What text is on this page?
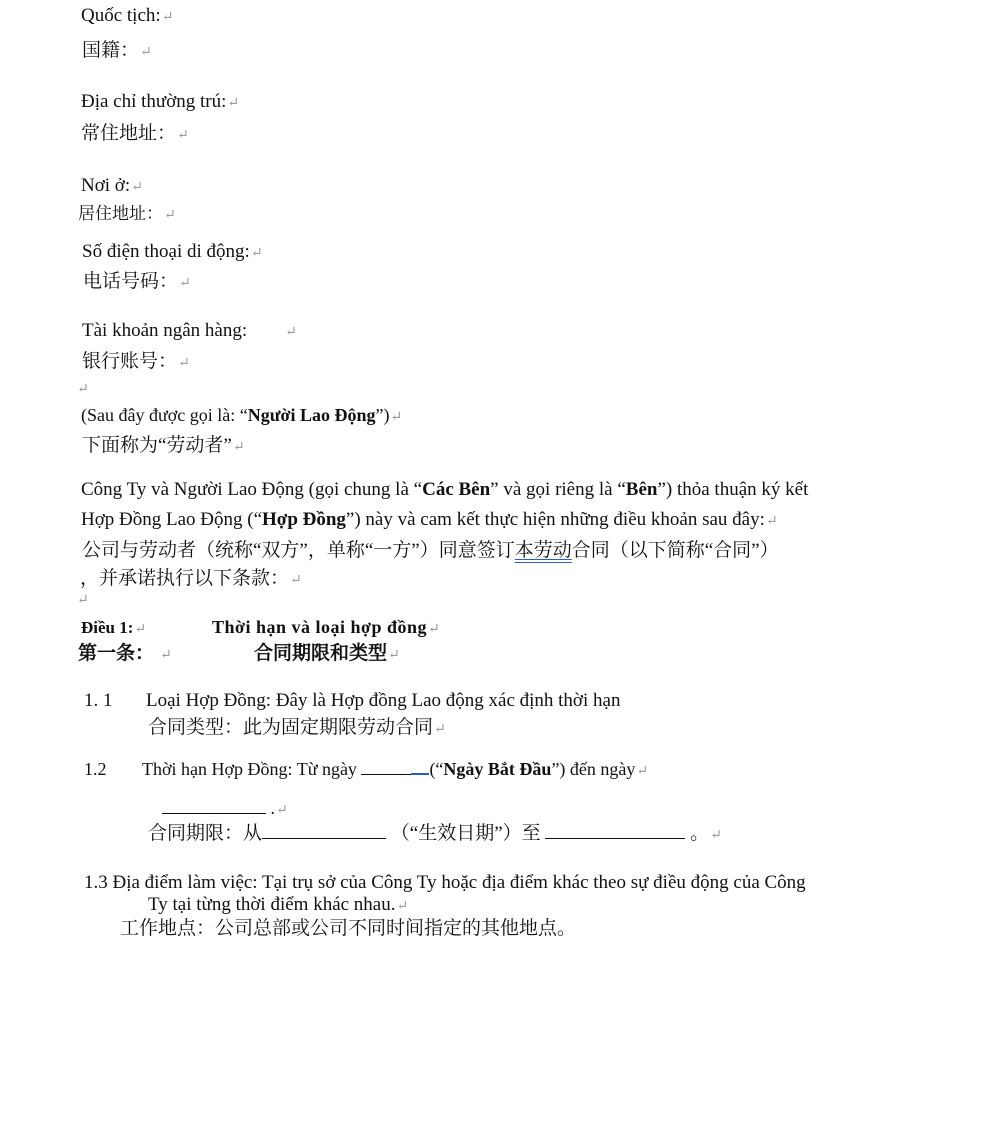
Quốc tịch:↵
国籍：↵
Địa chỉ thường trú:↵
常住地址：↵
Nơi ở:↵
居住地址：↵
Số điện thoại di động:↵
电话号码：↵
Tài khoản ngân hàng:	↵
银行账号：↵
↵
(Sau đây được gọi là: “Người Lao Động”)↵
下面称为“劳动者”↵
Công Ty và Người Lao Động (gọi chung là “Các Bên” và gọi riêng là “Bên”) thỏa thuận ký kết
Hợp Đồng Lao Động (“Hợp Đồng”) này và cam kết thực hiện những điều khoản sau đây:↵
公司与劳动者（统称“双方”，单称“一方”）同意签订本劳动合同（以下简称“合同”）
，并承诺执行以下条款：↵
↵
Điều 1:↵	Thời hạn và loại hợp đồng↵
第一条： ↵	合同期限和类型↵
1. 1 Loại Hợp Đồng: Đây là Hợp đồng Lao động xác định thời hạn
合同类型：此为固定期限劳动合同↵
1.2 Thời hạn Hợp Đồng: Từ ngày	(“Ngày Bắt Đầu”) đến ngày↵
.↵
合同期限：从	（“生效日期”）至	。↵
1.3 Địa điểm làm việc: Tại trụ sở của Công Ty hoặc địa điểm khác theo sự điều động của Công
Ty tại từng thời điểm khác nhau.↵
工作地点：公司总部或公司不同时间指定的其他地点。
